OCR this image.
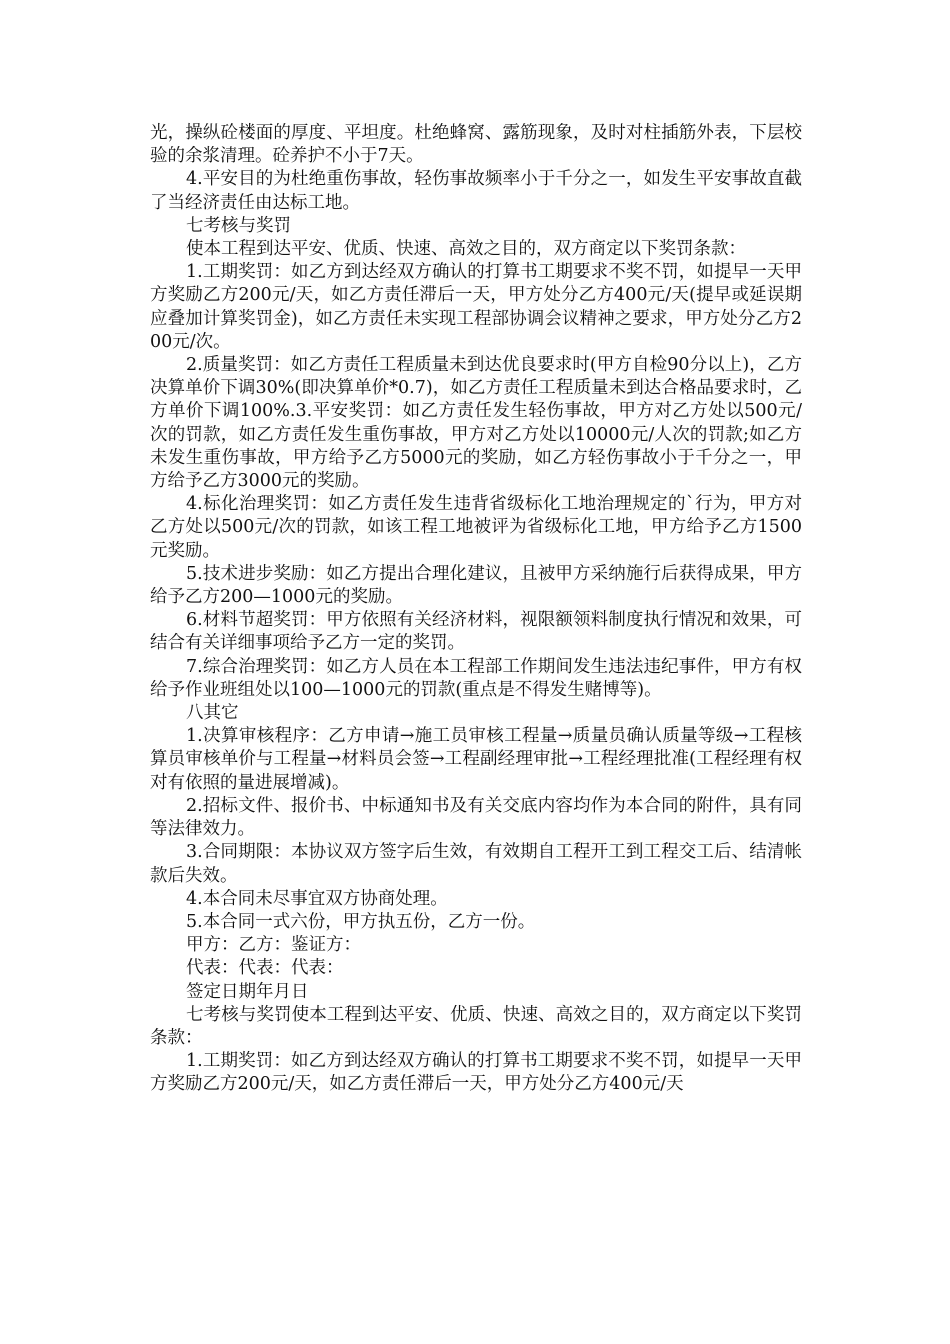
光，操纵砼楼面的厚度、平坦度。杜绝蜂窝、露筋现象，及时对柱插筋外表，下层校验的余浆清理。砼养护不小于7天。

4.平安目的为杜绝重伤事故，轻伤事故频率小于千分之一，如发生平安事故直截了当经济责任由达标工地。

七考核与奖罚

使本工程到达平安、优质、快速、高效之目的，双方商定以下奖罚条款：

1.工期奖罚：如乙方到达经双方确认的打算书工期要求不奖不罚，如提早一天甲方奖励乙方200元/天，如乙方责任滞后一天，甲方处分乙方400元/天(提早或延误期应叠加计算奖罚金)，如乙方责任未实现工程部协调会议精神之要求，甲方处分乙方200元/次。

2.质量奖罚：如乙方责任工程质量未到达优良要求时(甲方自检90分以上)，乙方决算单价下调30%(即决算单价*0.7)，如乙方责任工程质量未到达合格品要求时，乙方单价下调100%.3.平安奖罚：如乙方责任发生轻伤事故，甲方对乙方处以500元/次的罚款，如乙方责任发生重伤事故，甲方对乙方处以10000元/人次的罚款;如乙方未发生重伤事故，甲方给予乙方5000元的奖励，如乙方轻伤事故小于千分之一，甲方给予乙方3000元的奖励。

4.标化治理奖罚：如乙方责任发生违背省级标化工地治理规定的`行为，甲方对乙方处以500元/次的罚款，如该工程工地被评为省级标化工地，甲方给予乙方1500元奖励。

5.技术进步奖励：如乙方提出合理化建议，且被甲方采纳施行后获得成果，甲方给予乙方200—1000元的奖励。

6.材料节超奖罚：甲方依照有关经济材料，视限额领料制度执行情况和效果，可结合有关详细事项给予乙方一定的奖罚。

7.综合治理奖罚：如乙方人员在本工程部工作期间发生违法违纪事件，甲方有权给予作业班组处以100—1000元的罚款(重点是不得发生赌博等)。

八其它

1.决算审核程序：乙方申请→施工员审核工程量→质量员确认质量等级→工程核算员审核单价与工程量→材料员会签→工程副经理审批→工程经理批准(工程经理有权对有依照的量进展增减)。

2.招标文件、报价书、中标通知书及有关交底内容均作为本合同的附件，具有同等法律效力。

3.合同期限：本协议双方签字后生效，有效期自工程开工到工程交工后、结清帐款后失效。

4.本合同未尽事宜双方协商处理。

5.本合同一式六份，甲方执五份，乙方一份。

甲方：乙方：鉴证方：

代表：代表：代表：

签定日期年月日

七考核与奖罚使本工程到达平安、优质、快速、高效之目的，双方商定以下奖罚条款：

1.工期奖罚：如乙方到达经双方确认的打算书工期要求不奖不罚，如提早一天甲方奖励乙方200元/天，如乙方责任滞后一天，甲方处分乙方400元/天
